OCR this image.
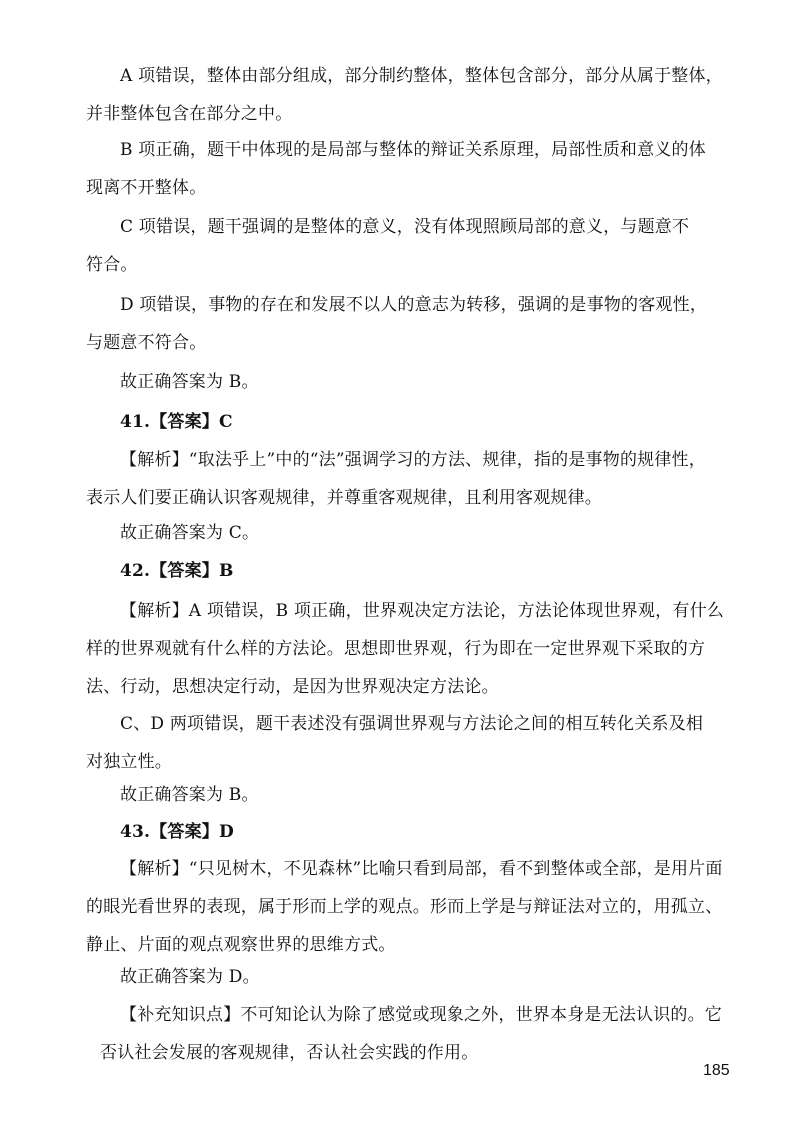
A 项错误，整体由部分组成，部分制约整体，整体包含部分，部分从属于整体，
并非整体包含在部分之中。

B 项正确，题干中体现的是局部与整体的辩证关系原理，局部性质和意义的体
现离不开整体。

C 项错误，题干强调的是整体的意义，没有体现照顾局部的意义，与题意不
符合。

D 项错误，事物的存在和发展不以人的意志为转移，强调的是事物的客观性，
与题意不符合。

故正确答案为 B。

41.【答案】C

【解析】“取法乎上”中的“法”强调学习的方法、规律，指的是事物的规律性，
表示人们要正确认识客观规律，并尊重客观规律，且利用客观规律。

故正确答案为 C。

42.【答案】B

【解析】A 项错误，B 项正确，世界观决定方法论，方法论体现世界观，有什么
样的世界观就有什么样的方法论。思想即世界观，行为即在一定世界观下采取的方
法、行动，思想决定行动，是因为世界观决定方法论。

C、D 两项错误，题干表述没有强调世界观与方法论之间的相互转化关系及相
对独立性。

故正确答案为 B。

43.【答案】D

【解析】“只见树木，不见森林”比喻只看到局部，看不到整体或全部，是用片面
的眼光看世界的表现，属于形而上学的观点。形而上学是与辩证法对立的，用孤立、
静止、片面的观点观察世界的思维方式。

故正确答案为 D。

【补充知识点】不可知论认为除了感觉或现象之外，世界本身是无法认识的。它
否认社会发展的客观规律，否认社会实践的作用。

185
